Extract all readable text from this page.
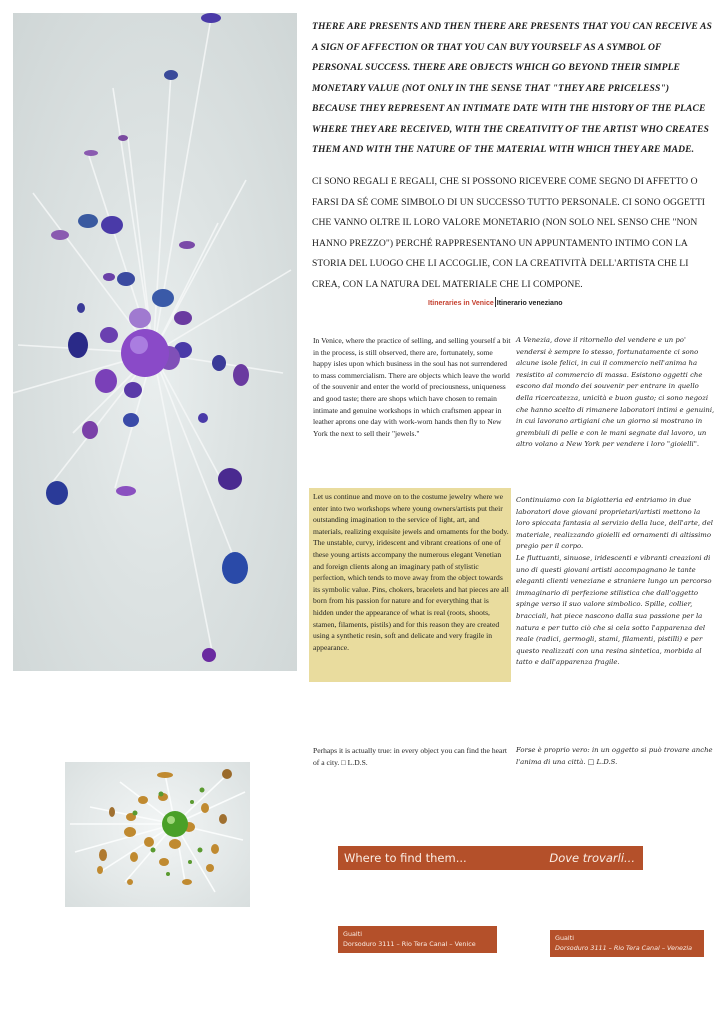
THERE ARE PRESENTS AND THEN THERE ARE PRESENTS THAT YOU CAN RECEIVE AS A SIGN OF AFFECTION OR THAT YOU CAN BUY YOURSELF AS A SYMBOL OF PERSONAL SUCCESS. THERE ARE OBJECTS WHICH GO BEYOND THEIR SIMPLE MONETARY VALUE (NOT ONLY IN THE SENSE THAT "THEY ARE PRICELESS") BECAUSE THEY REPRESENT AN INTIMATE DATE WITH THE HISTORY OF THE PLACE WHERE THEY ARE RECEIVED, WITH THE CREATIVITY OF THE ARTIST WHO CREATES THEM AND WITH THE NATURE OF THE MATERIAL WITH WHICH THEY ARE MADE.
CI SONO REGALI E REGALI, CHE SI POSSONO RICEVERE COME SEGNO DI AFFETTO O FARSI DA SÉ COME SIMBOLO DI UN SUCCESSO TUTTO PERSONALE. CI SONO OGGETTI CHE VANNO OLTRE IL LORO VALORE MONETARIO (NON SOLO NEL SENSO CHE "NON HANNO PREZZO") PERCHÉ RAPPRESENTANO UN APPUNTAMENTO INTIMO CON LA STORIA DEL LUOGO CHE LI ACCOGLIE, CON LA CREATIVITÀ DELL'ARTISTA CHE LI CREA, CON LA NATURA DEL MATERIALE CHE LI COMPONE.
Itineraries in Venice Itinerario veneziano
In Venice, where the practice of selling, and selling yourself a bit in the process, is still observed, there are, fortunately, some happy isles upon which business in the soul has not surrendered to mass commercialism. There are objects which leave the world of the souvenir and enter the world of preciousness, uniqueness and good taste; there are shops which have chosen to remain intimate and genuine workshops in which craftsmen appear in leather aprons one day with work-worn hands then fly to New York the next to sell their "jewels."
A Venezia, dove il ritornello del vendere e un po' vendersi è sempre lo stesso, fortunatamente ci sono alcune isole felici, in cui il commercio nell'anima ha resistito al commercio di massa. Esistono oggetti che escono dal mondo dei souvenir per entrare in quello della ricercatezza, unicità e buon gusto; ci sono negozi che hanno scelto di rimanere laboratori intimi e genuini, in cui lavorano artigiani che un giorno si mostrano in grembiuli di pelle e con le mani segnate dal lavoro, un altro volano a New York per vendere i loro "gioielli".
Let us continue and move on to the costume jewelry where we enter into two workshops where young owners/artists put their outstanding imagination to the service of light, art, and materials, realizing exquisite jewels and ornaments for the body.
The unstable, curvy, iridescent and vibrant creations of one of these young artists accompany the numerous elegant Venetian and foreign clients along an imaginary path of stylistic perfection, which tends to move away from the object towards its symbolic value. Pins, chokers, bracelets and hat pieces are all born from his passion for nature and for everything that is hidden under the appearance of what is real (roots, shoots, stamen, filaments, pistils) and for this reason they are created using a synthetic resin, soft and delicate and very fragile in appearance.
Continuiamo con la bigiotteria ed entriamo in due laboratori dove giovani proprietari/artisti mettono la loro spiccata fantasia al servizio della luce, dell'arte, del materiale, realizzando gioielli ed ornamenti di altissimo pregio per il corpo.
Le fluttuanti, sinuose, iridescenti e vibranti creazioni di uno di questi giovani artisti accompagnano le tante eleganti clienti veneziane e straniere lungo un percorso immaginario di perfezione stilistica che dall'oggetto spinge verso il suo valore simbolico. Spille, collier, bracciali, hat piece nascono dalla sua passione per la natura e per tutto ciò che si cela sotto l'apparenza del reale (radici, germogli, stami, filamenti, pistilli) e per questo realizzati con una resina sintetica, morbida al tatto e dall'apparenza fragile.
Perhaps it is actually true: in every object you can find the heart of a city. □ L.D.S.
Forse è proprio vero: in un oggetto si può trovare anche l'anima di una città. □ L.D.S.
Where to find them...	Dove trovarli...
Gualti
Dorsoduro 3111 – Rio Tera Canal – Venice
Gualti
Dorsoduro 3111 – Rio Tera Canal – Venezia
